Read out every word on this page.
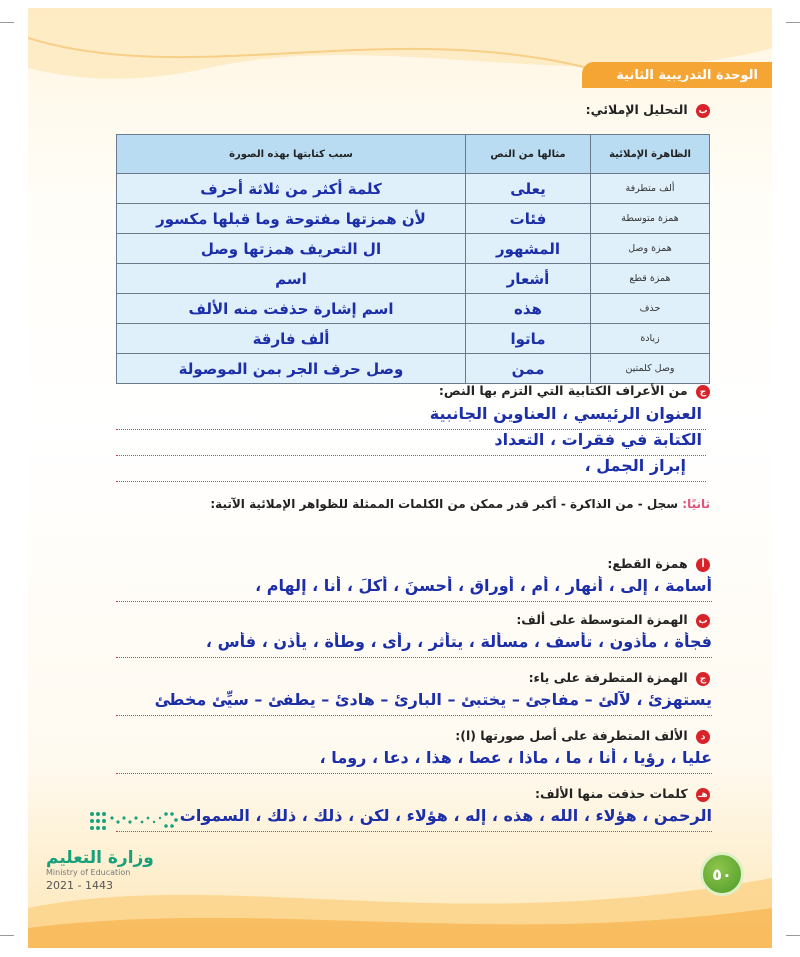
الوحدة التدريبية الثانية
ب التحليل الإملائي:
الظاهرة الإملائية	مثالها من النص	سبب كتابتها بهذه الصورة
ألف متطرفة	يعلى	كلمة أكثر من ثلاثة أحرف
همزة متوسطة	فئات	لأن همزتها مفتوحة وما قبلها مكسور
همزة وصل	المشهور	ال التعريف همزتها وصل
همزة قطع	أشعار	اسم
حذف	هذه	اسم إشارة حذفت منه الألف
زيادة	ماتوا	ألف فارقة
وصل كلمتين	ممن	وصل حرف الجر بمن الموصولة
ج من الأعراف الكتابية التي التزم بها النص:
العنوان الرئيسي ، العناوين الجانبية
الكتابة في فقرات ، التعداد
إبراز الجمل ،
ثانيًا: سجل - من الذاكرة - أكبر قدر ممكن من الكلمات الممثلة للظواهر الإملائية الآتية:
أ همزة القطع:
أسامة ، إلى ، أنهار ، أم ، أوراق ، أحسنَ ، أكلَ ، أنا ، إلهام ،
ب الهمزة المتوسطة على ألف:
فجأة ، مأذون ، تأسف ، مسألة ، يتأثر ، رأى ، وطأة ، يأذن ، فأس ،
ج الهمزة المتطرفة على ياء:
يستهزئ ، لآلئ – مفاجئ – يختبئ – البارئ – هادئ – يطفئ – سيِّئ مخطئ
د الألف المتطرفة على أصل صورتها (ا):
عليا ، رؤيا ، أنا ، ما ، ماذا ، عصا ، هذا ، دعا ، روما ،
هـ كلمات حذفت منها الألف:
الرحمن ، هؤلاء ، الله ، هذه ، إله ، هؤلاء ، لكن ، ذلك ، ذلك ، السموات
وزارة التعليم
Ministry of Education
2021 - 1443
٥٠
